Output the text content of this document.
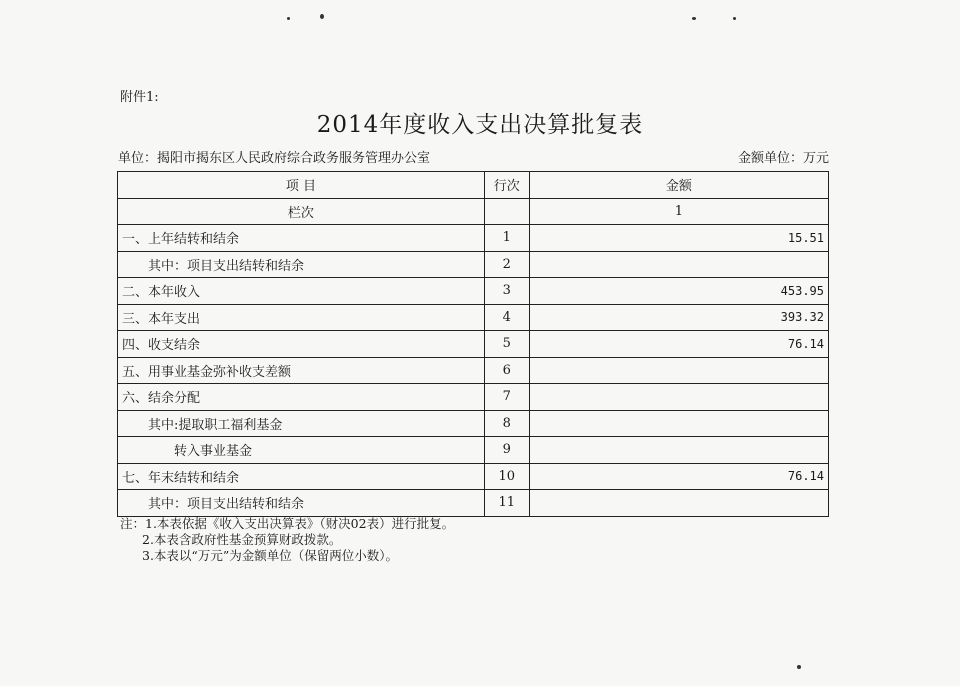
附件1:
2014年度收入支出决算批复表
单位：揭阳市揭东区人民政府综合政务服务管理办公室	金额单位：万元
项 目	行次	金额
栏次		1
一、上年结转和结余	1	15.51
其中：项目支出结转和结余	2	
二、本年收入	3	453.95
三、本年支出	4	393.32
四、收支结余	5	76.14
五、用事业基金弥补收支差额	6	
六、结余分配	7	
其中:提取职工福利基金	8	
转入事业基金	9	
七、年末结转和结余	10	76.14
其中：项目支出结转和结余	11	
注：1.本表依据《收入支出决算表》（财决02表）进行批复。
2.本表含政府性基金预算财政拨款。
3.本表以“万元”为金额单位（保留两位小数）。
